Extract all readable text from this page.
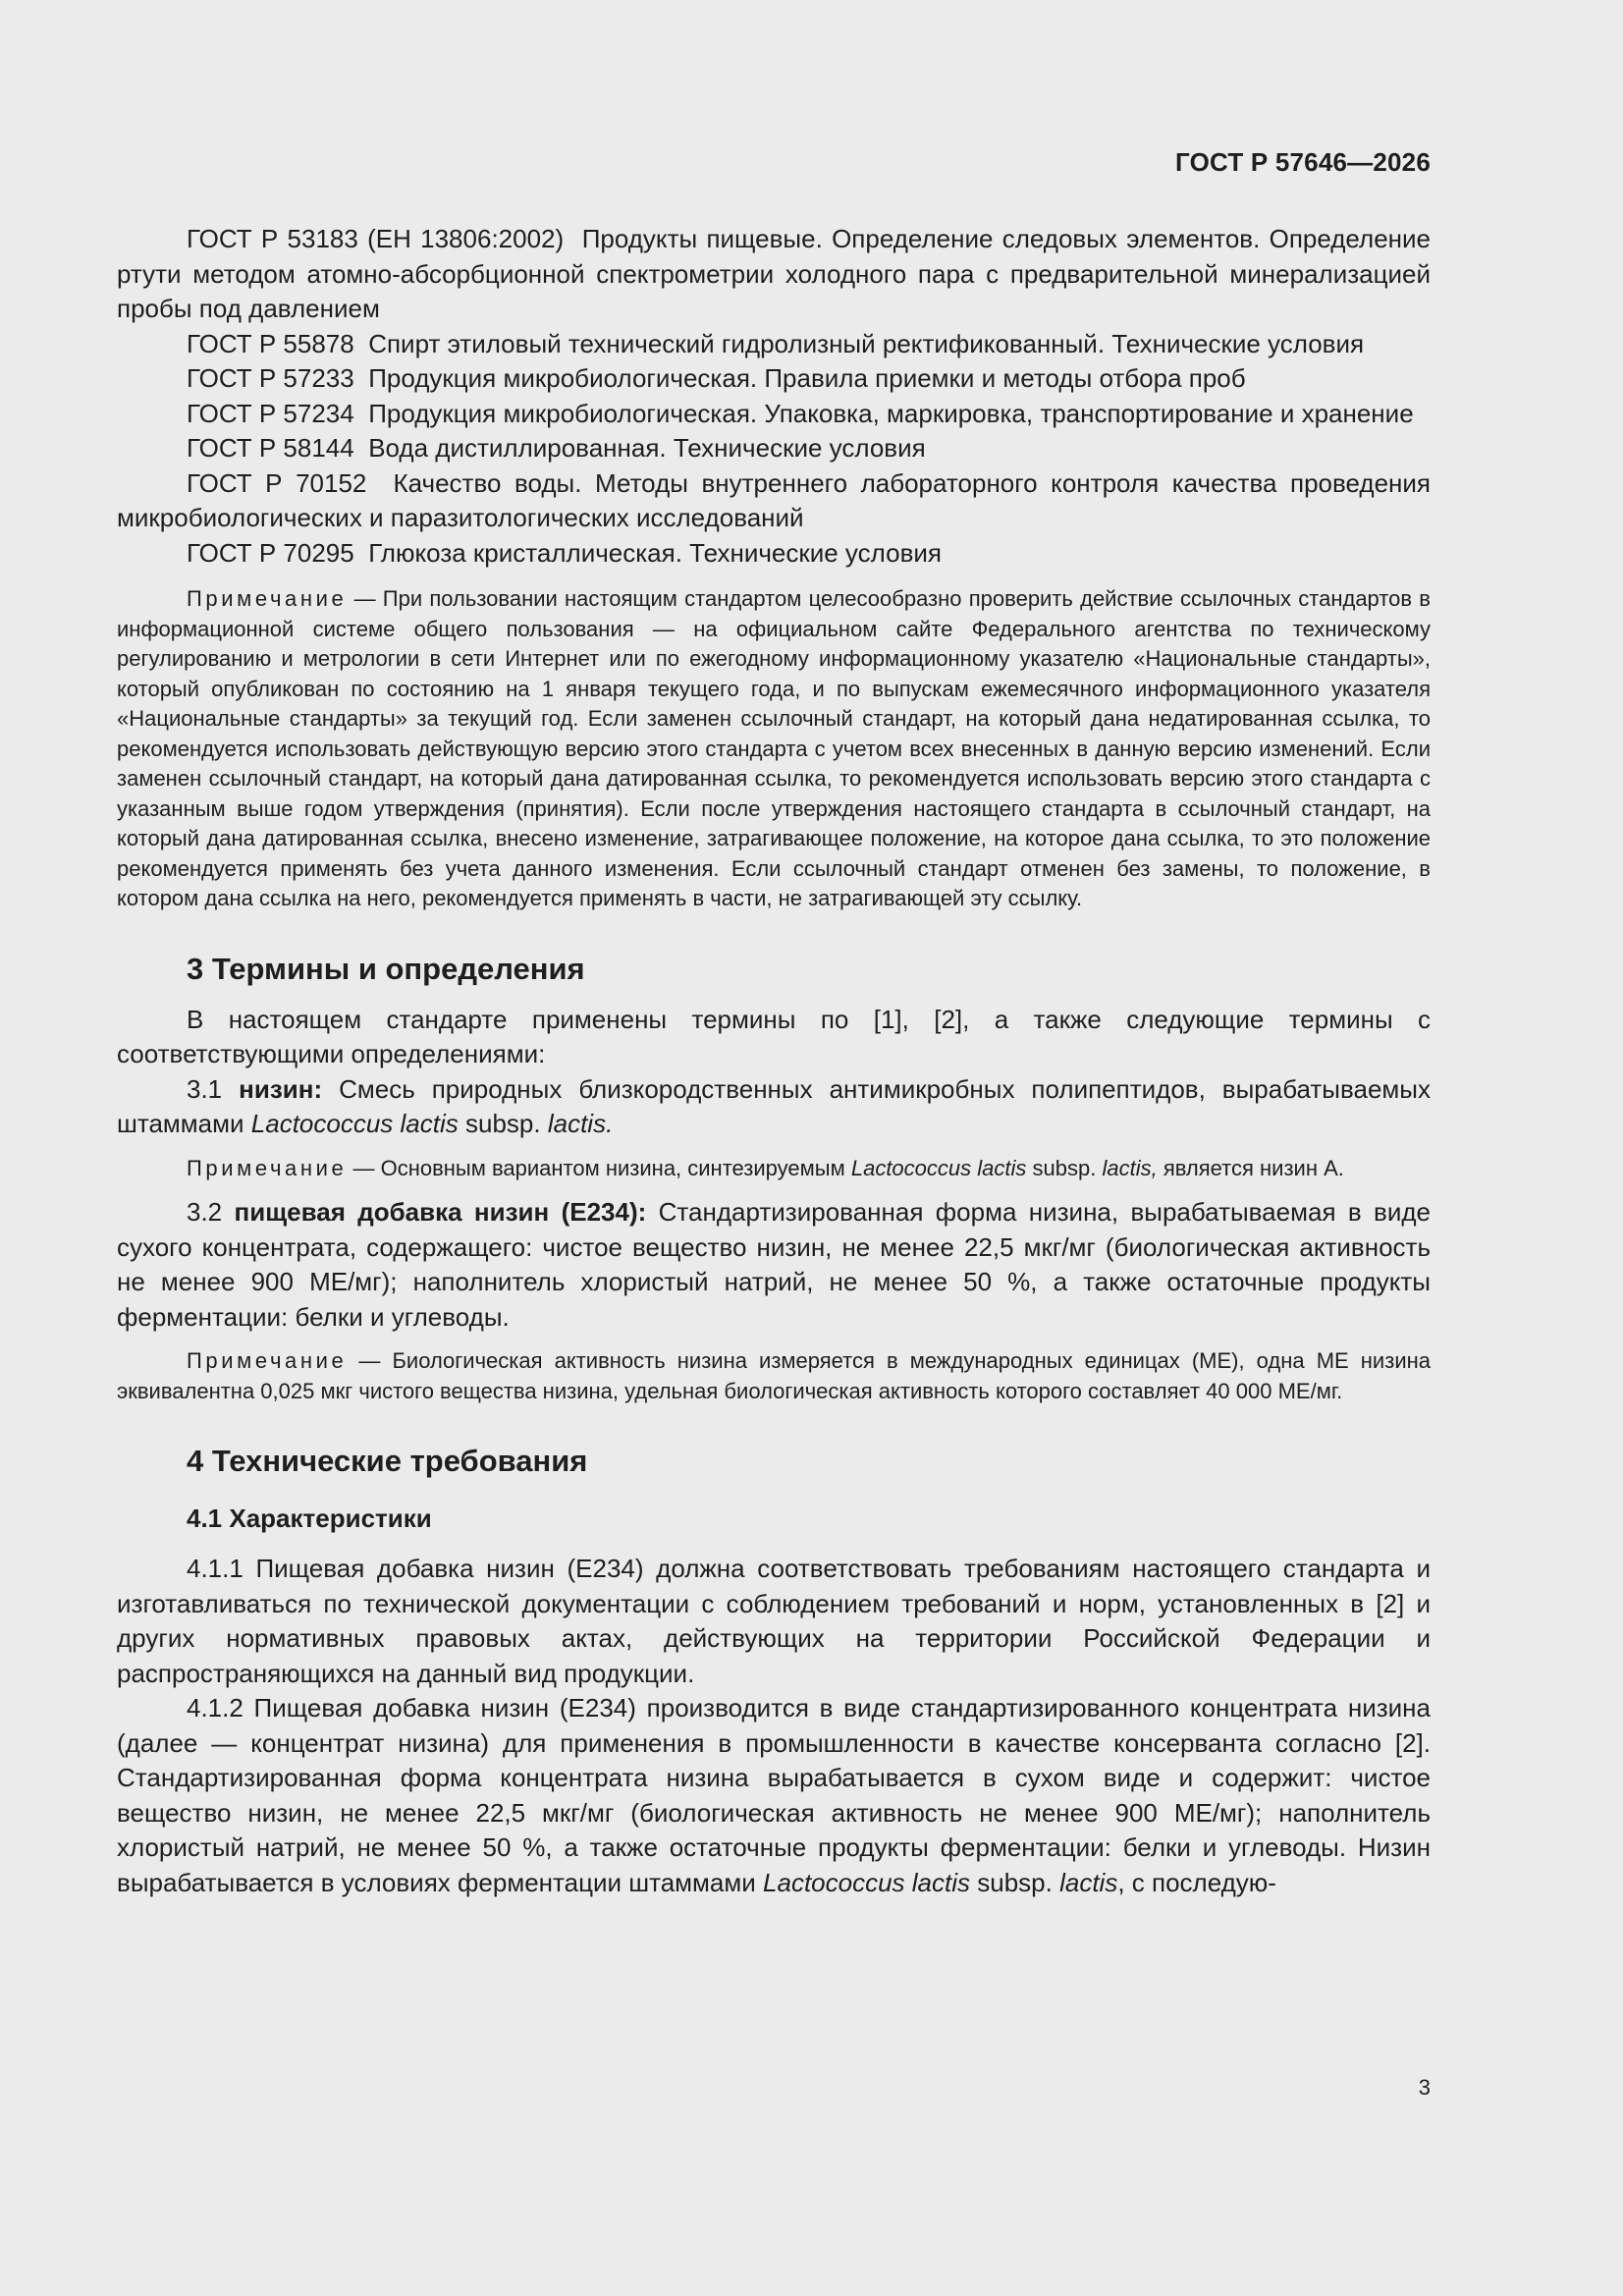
ГОСТ Р 57646—2026

ГОСТ Р 53183 (ЕН 13806:2002) Продукты пищевые. Определение следовых элементов. Определение ртути методом атомно-абсорбционной спектрометрии холодного пара с предварительной минерализацией пробы под давлением

ГОСТ Р 55878 Спирт этиловый технический гидролизный ректификованный. Технические условия

ГОСТ Р 57233 Продукция микробиологическая. Правила приемки и методы отбора проб

ГОСТ Р 57234 Продукция микробиологическая. Упаковка, маркировка, транспортирование и хранение

ГОСТ Р 58144 Вода дистиллированная. Технические условия

ГОСТ Р 70152 Качество воды. Методы внутреннего лабораторного контроля качества проведения микробиологических и паразитологических исследований

ГОСТ Р 70295 Глюкоза кристаллическая. Технические условия

Примечание — При пользовании настоящим стандартом целесообразно проверить действие ссылочных стандартов в информационной системе общего пользования — на официальном сайте Федерального агентства по техническому регулированию и метрологии в сети Интернет или по ежегодному информационному указателю «Национальные стандарты», который опубликован по состоянию на 1 января текущего года, и по выпускам ежемесячного информационного указателя «Национальные стандарты» за текущий год. Если заменен ссылочный стандарт, на который дана недатированная ссылка, то рекомендуется использовать действующую версию этого стандарта с учетом всех внесенных в данную версию изменений. Если заменен ссылочный стандарт, на который дана датированная ссылка, то рекомендуется использовать версию этого стандарта с указанным выше годом утверждения (принятия). Если после утверждения настоящего стандарта в ссылочный стандарт, на который дана датированная ссылка, внесено изменение, затрагивающее положение, на которое дана ссылка, то это положение рекомендуется применять без учета данного изменения. Если ссылочный стандарт отменен без замены, то положение, в котором дана ссылка на него, рекомендуется применять в части, не затрагивающей эту ссылку.

3 Термины и определения

В настоящем стандарте применены термины по [1], [2], а также следующие термины с соответствующими определениями:

3.1 низин: Смесь природных близкородственных антимикробных полипептидов, вырабатываемых штаммами Lactococcus lactis subsp. lactis.

Примечание — Основным вариантом низина, синтезируемым Lactococcus lactis subsp. lactis, является низин А.

3.2 пищевая добавка низин (Е234): Стандартизированная форма низина, вырабатываемая в виде сухого концентрата, содержащего: чистое вещество низин, не менее 22,5 мкг/мг (биологическая активность не менее 900 МЕ/мг); наполнитель хлористый натрий, не менее 50 %, а также остаточные продукты ферментации: белки и углеводы.

Примечание — Биологическая активность низина измеряется в международных единицах (МЕ), одна МЕ низина эквивалентна 0,025 мкг чистого вещества низина, удельная биологическая активность которого составляет 40 000 МЕ/мг.

4 Технические требования
4.1 Характеристики

4.1.1 Пищевая добавка низин (Е234) должна соответствовать требованиям настоящего стандарта и изготавливаться по технической документации с соблюдением требований и норм, установленных в [2] и других нормативных правовых актах, действующих на территории Российской Федерации и распространяющихся на данный вид продукции.

4.1.2 Пищевая добавка низин (Е234) производится в виде стандартизированного концентрата низина (далее — концентрат низина) для применения в промышленности в качестве консерванта согласно [2]. Стандартизированная форма концентрата низина вырабатывается в сухом виде и содержит: чистое вещество низин, не менее 22,5 мкг/мг (биологическая активность не менее 900 МЕ/мг); наполнитель хлористый натрий, не менее 50 %, а также остаточные продукты ферментации: белки и углеводы. Низин вырабатывается в условиях ферментации штаммами Lactococcus lactis subsp. lactis, с последую-

3
